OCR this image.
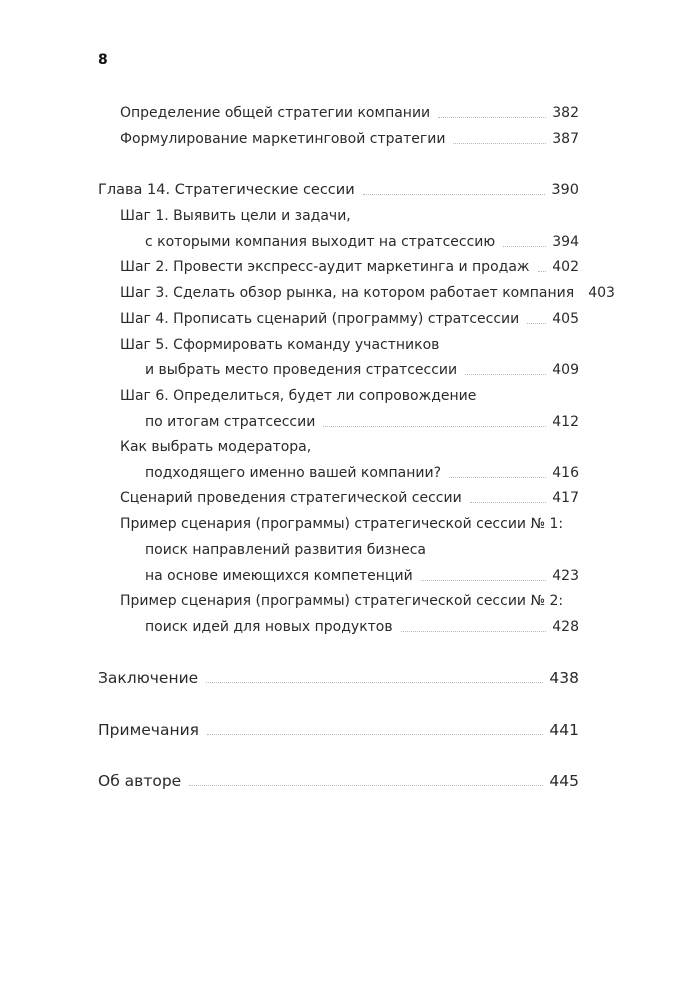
8
Определение общей стратегии компании	382
Формулирование маркетинговой стратегии	387
Глава 14. Стратегические сессии	390
Шаг 1. Выявить цели и задачи,
с которыми компания выходит на стратсессию	394
Шаг 2. Провести экспресс-аудит маркетинга и продаж 402
Шаг 3. Сделать обзор рынка, на котором работает компания 403
Шаг 4. Прописать сценарий (программу) стратсессии 405
Шаг 5. Сформировать команду участников
и выбрать место проведения стратсессии	409
Шаг 6. Определиться, будет ли сопровождение
по итогам стратсессии	412
Как выбрать модератора,
подходящего именно вашей компании?	416
Сценарий проведения стратегической сессии	417
Пример сценария (программы) стратегической сессии № 1:
поиск направлений развития бизнеса
на основе имеющихся компетенций	423
Пример сценария (программы) стратегической сессии № 2:
поиск идей для новых продуктов	428
Заключение	438
Примечания	441
Об авторе	445
